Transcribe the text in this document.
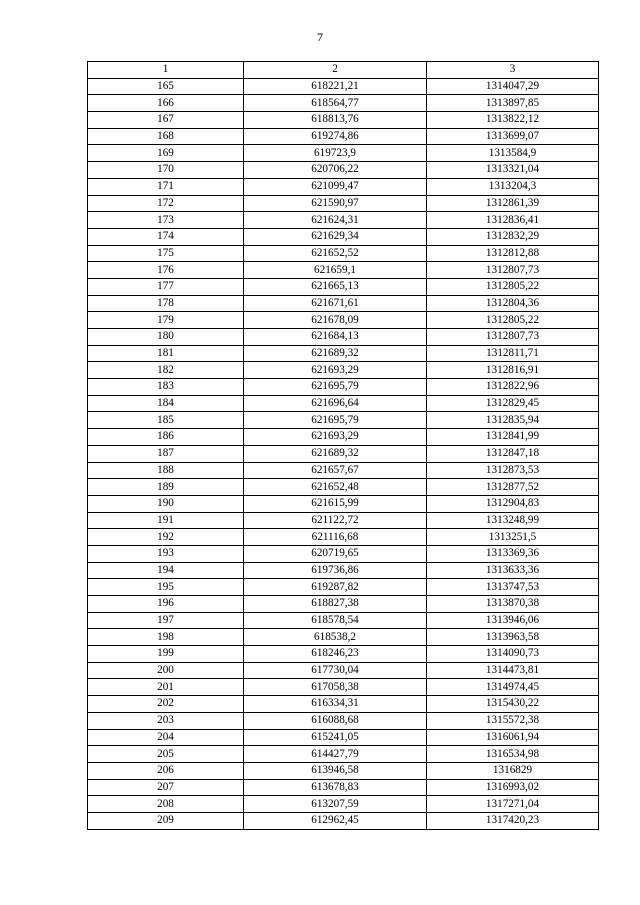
7
1	2	3
165	618221,21	1314047,29
166	618564,77	1313897,85
167	618813,76	1313822,12
168	619274,86	1313699,07
169	619723,9	1313584,9
170	620706,22	1313321,04
171	621099,47	1313204,3
172	621590,97	1312861,39
173	621624,31	1312836,41
174	621629,34	1312832,29
175	621652,52	1312812,88
176	621659,1	1312807,73
177	621665,13	1312805,22
178	621671,61	1312804,36
179	621678,09	1312805,22
180	621684,13	1312807,73
181	621689,32	1312811,71
182	621693,29	1312816,91
183	621695,79	1312822,96
184	621696,64	1312829,45
185	621695,79	1312835,94
186	621693,29	1312841,99
187	621689,32	1312847,18
188	621657,67	1312873,53
189	621652,48	1312877,52
190	621615,99	1312904,83
191	621122,72	1313248,99
192	621116,68	1313251,5
193	620719,65	1313369,36
194	619736,86	1313633,36
195	619287,82	1313747,53
196	618827,38	1313870,38
197	618578,54	1313946,06
198	618538,2	1313963,58
199	618246,23	1314090,73
200	617730,04	1314473,81
201	617058,38	1314974,45
202	616334,31	1315430,22
203	616088,68	1315572,38
204	615241,05	1316061,94
205	614427,79	1316534,98
206	613946,58	1316829
207	613678,83	1316993,02
208	613207,59	1317271,04
209	612962,45	1317420,23
